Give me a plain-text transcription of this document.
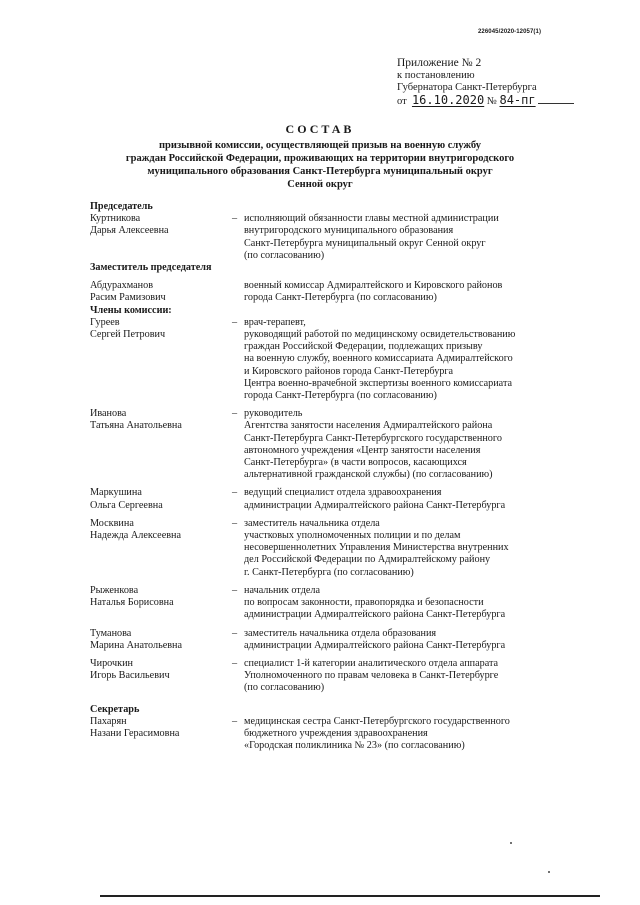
226045/2020-12057(1)
Приложение № 2
к постановлению
Губернатора Санкт-Петербурга
от 16.10.2020 № 84-пг
СОСТАВ
призывной комиссии, осуществляющей призыв на военную службу
граждан Российской Федерации, проживающих на территории внутригородского
муниципального образования Санкт-Петербурга муниципальный округ
Сенной округ
Председатель
Куртникова
Дарья Алексеевна
– исполняющий обязанности главы местной администрации
внутригородского муниципального образования
Санкт-Петербурга муниципальный округ Сенной округ
(по согласованию)
Заместитель председателя
Абдурахманов
Расим Рамизович
военный комиссар Адмиралтейского и Кировского районов
города Санкт-Петербурга (по согласованию)
Члены комиссии:
Гуреев
Сергей Петрович
– врач-терапевт,
руководящий работой по медицинскому освидетельствованию
граждан Российской Федерации, подлежащих призыву
на военную службу, военного комиссариата Адмиралтейского
и Кировского районов города Санкт-Петербурга
Центра военно-врачебной экспертизы военного комиссариата
города Санкт-Петербурга (по согласованию)
Иванова
Татьяна Анатольевна
– руководитель
Агентства занятости населения Адмиралтейского района
Санкт-Петербурга Санкт-Петербургского государственного
автономного учреждения «Центр занятости населения
Санкт-Петербурга» (в части вопросов, касающихся
альтернативной гражданской службы) (по согласованию)
Маркушина
Ольга Сергеевна
– ведущий специалист отдела здравоохранения
администрации Адмиралтейского района Санкт-Петербурга
Москвина
Надежда Алексеевна
– заместитель начальника отдела
участковых уполномоченных полиции и по делам
несовершеннолетних Управления Министерства внутренних
дел Российской Федерации по Адмиралтейскому району
г. Санкт-Петербурга (по согласованию)
Рыженкова
Наталья Борисовна
– начальник отдела
по вопросам законности, правопорядка и безопасности
администрации Адмиралтейского района Санкт-Петербурга
Туманова
Марина Анатольевна
– заместитель начальника отдела образования
администрации Адмиралтейского района Санкт-Петербурга
Чирочкин
Игорь Васильевич
– специалист 1-й категории аналитического отдела аппарата
Уполномоченного по правам человека в Санкт-Петербурге
(по согласованию)
Секретарь
Пахарян
Назани Герасимовна
– медицинская сестра Санкт-Петербургского государственного
бюджетного учреждения здравоохранения
«Городская поликлиника № 23» (по согласованию)
